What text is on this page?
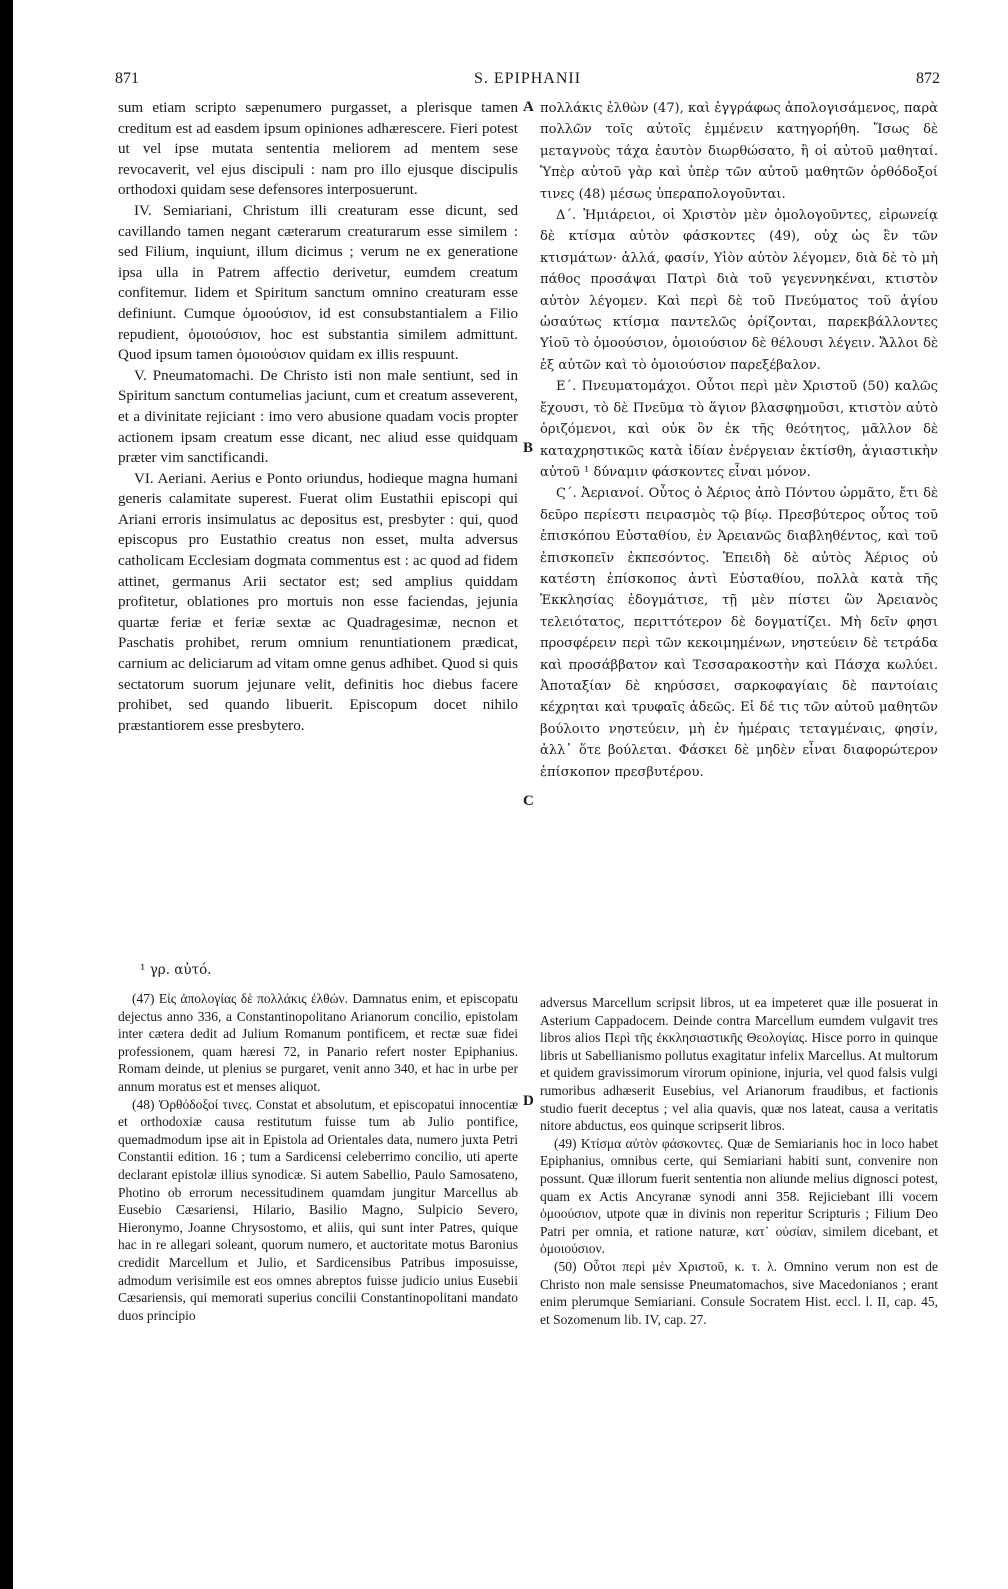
871	S. EPIPHANII	872
A
B
C
D

sum etiam scripto sæpenumero purgasset, a plerisque tamen creditum est ad easdem ipsum opiniones adhærescere. Fieri potest ut vel ipse mutata sententia meliorem ad mentem sese revocaverit, vel ejus discipuli : nam pro illo ejusque discipulis orthodoxi quidam sese defensores interposuerunt.

IV. Semiariani, Christum illi creaturam esse dicunt, sed cavillando tamen negant cæterarum creaturarum esse similem : sed Filium, inquiunt, illum dicimus ; verum ne ex generatione ipsa ulla in Patrem affectio derivetur, eumdem creatum confitemur. Iidem et Spiritum sanctum omnino creaturam esse definiunt. Cumque ὁμοούσιον, id est consubstantialem a Filio repudient, ὁμοιούσιον, hoc est substantia similem admittunt. Quod ipsum tamen ὁμοιούσιον quidam ex illis respuunt.

V. Pneumatomachi. De Christo isti non male sentiunt, sed in Spiritum sanctum contumelias jaciunt, cum et creatum asseverent, et a divinitate rejiciant : imo vero abusione quadam vocis propter actionem ipsam creatum esse dicant, nec aliud esse quidquam præter vim sanctificandi.

VI. Aeriani. Aerius e Ponto oriundus, hodieque magna humani generis calamitate superest. Fuerat olim Eustathii episcopi qui Ariani erroris insimulatus ac depositus est, presbyter : qui, quod episcopus pro Eustathio creatus non esset, multa adversus catholicam Ecclesiam dogmata commentus est : ac quod ad fidem attinet, germanus Arii sectator est; sed amplius quiddam profitetur, oblationes pro mortuis non esse faciendas, jejunia quartæ feriæ et feriæ sextæ ac Quadragesimæ, necnon et Paschatis prohibet, rerum omnium renuntiationem prædicat, carnium ac deliciarum ad vitam omne genus adhibet. Quod si quis sectatorum suorum jejunare velit, definitis hoc diebus facere prohibet, sed quando libuerit. Episcopum docet nihilo præstantiorem esse presbytero.

πολλάκις ἐλθὼν (47), καὶ ἐγγράφως ἀπολογισάμενος, παρὰ πολλῶν τοῖς αὐτοῖς ἐμμένειν κατηγορήθη. Ἴσως δὲ μεταγνοὺς τάχα ἑαυτὸν διωρθώσατο, ἢ οἱ αὐτοῦ μαθηταί. Ὑπὲρ αὐτοῦ γὰρ καὶ ὑπὲρ τῶν αὐτοῦ μαθητῶν ὀρθόδοξοί τινες (48) μέσως ὑπεραπολογοῦνται.

Δ΄. Ἡμιάρειοι, οἱ Χριστὸν μὲν ὁμολογοῦντες, εἰρωνείᾳ δὲ κτίσμα αὐτὸν φάσκοντες (49), οὐχ ὡς ἓν τῶν κτισμάτων· ἀλλά, φασίν, Υἱὸν αὐτὸν λέγομεν, διὰ δὲ τὸ μὴ πάθος προσάψαι Πατρὶ διὰ τοῦ γεγεννηκέναι, κτιστὸν αὐτὸν λέγομεν. Καὶ περὶ δὲ τοῦ Πνεύματος τοῦ ἁγίου ὡσαύτως κτίσμα παντελῶς ὁρίζονται, παρεκβάλλοντες Υἱοῦ τὸ ὁμοούσιον, ὁμοιούσιον δὲ θέλουσι λέγειν. Ἄλλοι δὲ ἐξ αὐτῶν καὶ τὸ ὁμοιούσιον παρεξέβαλον.

Ε΄. Πνευματομάχοι. Οὗτοι περὶ μὲν Χριστοῦ (50) καλῶς ἔχουσι, τὸ δὲ Πνεῦμα τὸ ἅγιον βλασφημοῦσι, κτιστὸν αὐτὸ ὁριζόμενοι, καὶ οὐκ ὂν ἐκ τῆς θεότητος, μᾶλλον δὲ καταχρηστικῶς κατὰ ἰδίαν ἐνέργειαν ἐκτίσθη, ἁγιαστικὴν αὐτοῦ ¹ δύναμιν φάσκοντες εἶναι μόνον.

Ϛ΄. Ἀεριανοί. Οὗτος ὁ Ἀέριος ἀπὸ Πόντου ὡρμᾶτο, ἔτι δὲ δεῦρο περίεστι πειρασμὸς τῷ βίῳ. Πρεσβύτερος οὗτος τοῦ ἐπισκόπου Εὐσταθίου, ἐν Ἀρειανῶς διαβληθέντος, καὶ τοῦ ἐπισκοπεῖν ἐκπεσόντος. Ἐπειδὴ δὲ αὐτὸς Ἀέριος οὐ κατέστη ἐπίσκοπος ἀντὶ Εὐσταθίου, πολλὰ κατὰ τῆς Ἐκκλησίας ἐδογμάτισε, τῇ μὲν πίστει ὢν Ἀρειανὸς τελειότατος, περιττότερον δὲ δογματίζει. Μὴ δεῖν φησι προσφέρειν περὶ τῶν κεκοιμημένων, νηστεύειν δὲ τετράδα καὶ προσάββατον καὶ Τεσσαρακοστὴν καὶ Πάσχα κωλύει. Ἀποταξίαν δὲ κηρύσσει, σαρκοφαγίαις δὲ παντοίαις κέχρηται καὶ τρυφαῖς ἀδεῶς. Εἰ δέ τις τῶν αὐτοῦ μαθητῶν βούλοιτο νηστεύειν, μὴ ἐν ἡμέραις τεταγμέναις, φησίν, ἀλλ᾽ ὅτε βούλεται. Φάσκει δὲ μηδὲν εἶναι διαφορώτερον ἐπίσκοπον πρεσβυτέρου.

¹ γρ. αὐτό.

(47) Εἰς ἀπολογίας δὲ πολλάκις ἐλθών. Damnatus enim, et episcopatu dejectus anno 336, a Constantinopolitano Arianorum concilio, epistolam inter cætera dedit ad Julium Romanum pontificem, et rectæ suæ fidei professionem, quam hæresi 72, in Panario refert noster Epiphanius. Romam deinde, ut plenius se purgaret, venit anno 340, et hac in urbe per annum moratus est et menses aliquot.

(48) Ὀρθόδοξοί τινες. Constat et absolutum, et episcopatui innocentiæ et orthodoxiæ causa restitutum fuisse tum ab Julio pontifice, quemadmodum ipse ait in Epistola ad Orientales data, numero juxta Petri Constantii edition. 16 ; tum a Sardicensi celeberrimo concilio, uti aperte declarant epistolæ illius synodicæ. Si autem Sabellio, Paulo Samosateno, Photino ob errorum necessitudinem quamdam jungitur Marcellus ab Eusebio Cæsariensi, Hilario, Basilio Magno, Sulpicio Severo, Hieronymo, Joanne Chrysostomo, et aliis, qui sunt inter Patres, quique hac in re allegari soleant, quorum numero, et auctoritate motus Baronius credidit Marcellum et Julio, et Sardicensibus Patribus imposuisse, admodum verisimile est eos omnes abreptos fuisse judicio unius Eusebii Cæsariensis, qui memorati superius concilii Constantinopolitani mandato duos principio

adversus Marcellum scripsit libros, ut ea impeteret quæ ille posuerat in Asterium Cappadocem. Deinde contra Marcellum eumdem vulgavit tres libros alios Περὶ τῆς ἐκκλησιαστικῆς Θεολογίας. Hisce porro in quinque libris ut Sabellianismo pollutus exagitatur infelix Marcellus. At multorum et quidem gravissimorum virorum opinione, injuria, vel quod falsis vulgi rumoribus adhæserit Eusebius, vel Arianorum fraudibus, et factionis studio fuerit deceptus ; vel alia quavis, quæ nos lateat, causa a veritatis nitore abductus, eos quinque scripserit libros.

(49) Κτίσμα αὐτὸν φάσκοντες. Quæ de Semiarianis hoc in loco habet Epiphanius, omnibus certe, qui Semiariani habiti sunt, convenire non possunt. Quæ illorum fuerit sententia non aliunde melius dignosci potest, quam ex Actis Ancyranæ synodi anni 358. Rejiciebant illi vocem ὁμοούσιον, utpote quæ in divinis non reperitur Scripturis ; Filium Deo Patri per omnia, et ratione naturæ, κατ᾽ οὐσίαν, similem dicebant, et ὁμοιούσιον.

(50) Οὗτοι περὶ μὲν Χριστοῦ, κ. τ. λ. Omnino verum non est de Christo non male sensisse Pneumatomachos, sive Macedonianos ; erant enim plerumque Semiariani. Consule Socratem Hist. eccl. l. II, cap. 45, et Sozomenum lib. IV, cap. 27.
